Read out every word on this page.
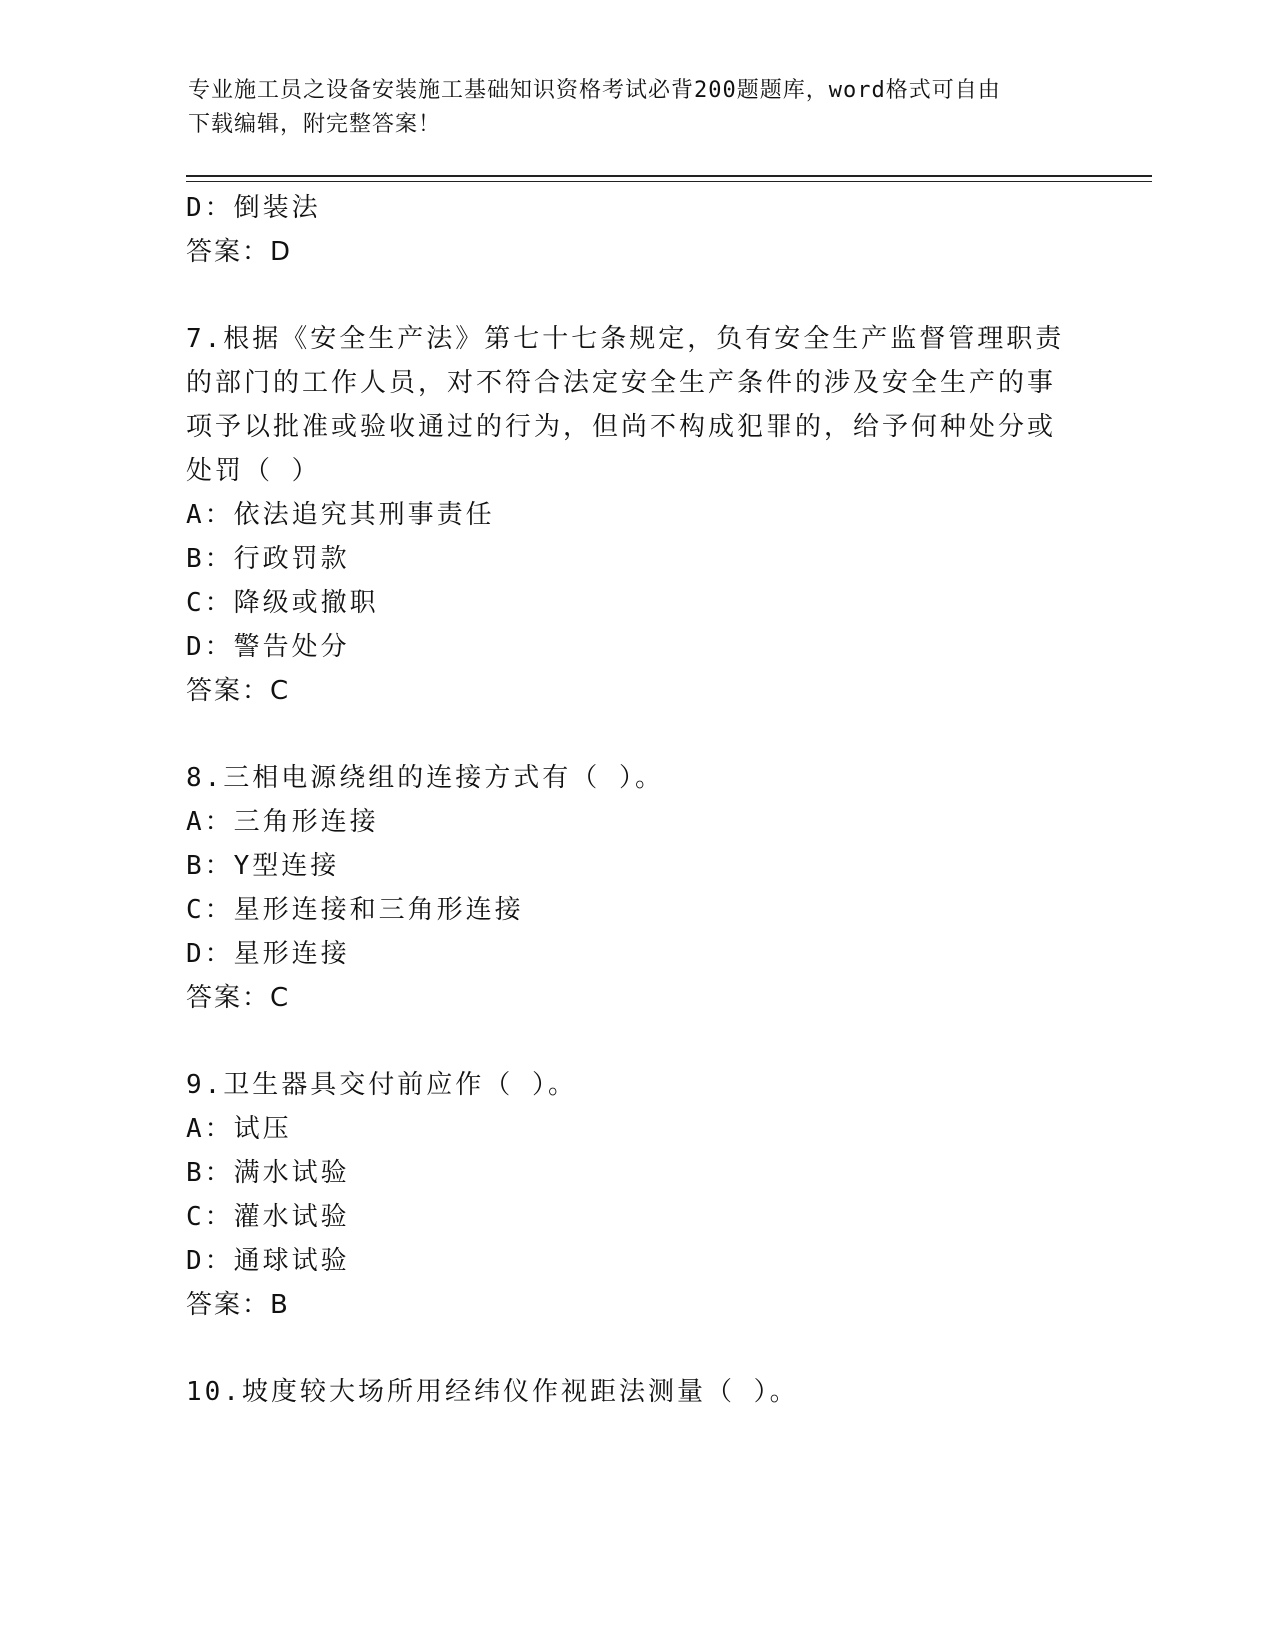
专业施工员之设备安装施工基础知识资格考试必背200题题库，word格式可自由
下载编辑，附完整答案！
D：倒装法
答案：D
7.根据《安全生产法》第七十七条规定，负有安全生产监督管理职责
的部门的工作人员，对不符合法定安全生产条件的涉及安全生产的事
项予以批准或验收通过的行为，但尚不构成犯罪的，给予何种处分或
处罚（ ）
A：依法追究其刑事责任
B：行政罚款
C：降级或撤职
D：警告处分
答案：C
8.三相电源绕组的连接方式有（ ）。
A：三角形连接
B：Y型连接
C：星形连接和三角形连接
D：星形连接
答案：C
9.卫生器具交付前应作（ ）。
A：试压
B：满水试验
C：灌水试验
D：通球试验
答案：B
10.坡度较大场所用经纬仪作视距法测量（ ）。
